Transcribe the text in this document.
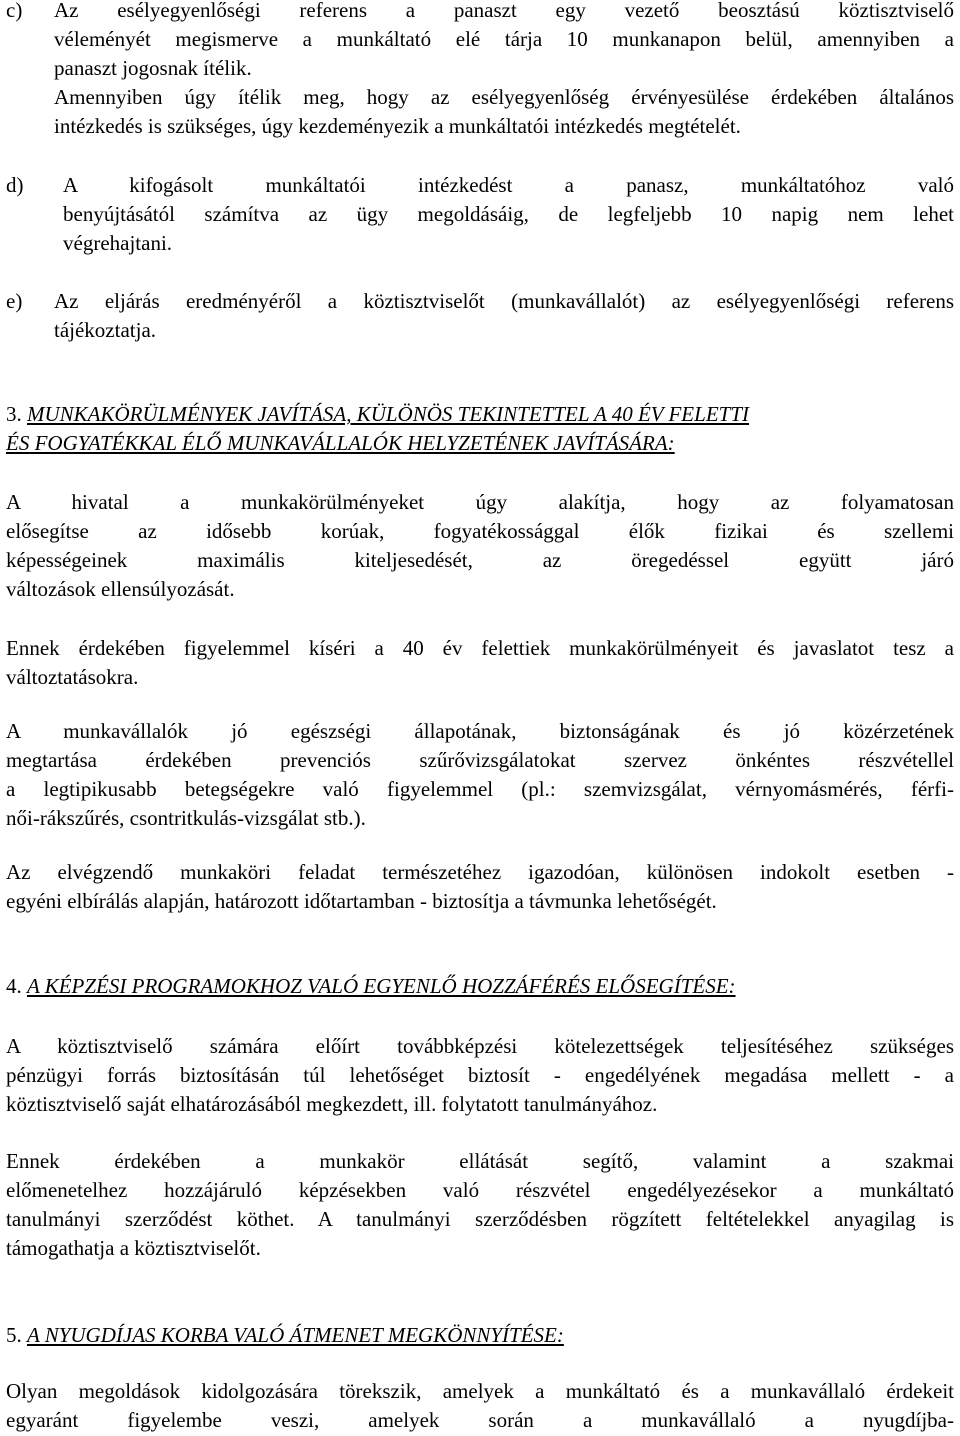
c) Az esélyegyenlőségi referens a panaszt egy vezető beosztású köztisztviselő
véleményét megismerve a munkáltató elé tárja 10 munkanapon belül, amennyiben a
panaszt jogosnak ítélik.
Amennyiben úgy ítélik meg, hogy az esélyegyenlőség érvényesülése érdekében általános
intézkedés is szükséges, úgy kezdeményezik a munkáltatói intézkedés megtételét.
d) A kifogásolt munkáltatói intézkedést a panasz, munkáltatóhoz való
benyújtásától számítva az ügy megoldásáig, de legfeljebb 10 napig nem lehet
végrehajtani.
e) Az eljárás eredményéről a köztisztviselőt (munkavállalót) az esélyegyenlőségi referens
tájékoztatja.
3. MUNKAKÖRÜLMÉNYEK JAVÍTÁSA, KÜLÖNÖS TEKINTETTEL A 40 ÉV FELETTI
ÉS FOGYATÉKKAL ÉLŐ MUNKAVÁLLALÓK HELYZETÉNEK JAVÍTÁSÁRA:
A hivatal a munkakörülményeket úgy alakítja, hogy az folyamatosan
elősegítse az idősebb korúak, fogyatékossággal élők fizikai és szellemi
képességeinek maximális kiteljesedését, az öregedéssel együtt járó
változások ellensúlyozását.
Ennek érdekében figyelemmel kíséri a 40 év felettiek munkakörülményeit és javaslatot tesz a
változtatásokra.
A munkavállalók jó egészségi állapotának, biztonságának és jó közérzetének
megtartása érdekében prevenciós szűrővizsgálatokat szervez önkéntes részvétellel
a legtipikusabb betegségekre való figyelemmel (pl.: szemvizsgálat, vérnyomásmérés, férfi-
női-rákszűrés, csontritkulás-vizsgálat stb.).
Az elvégzendő munkaköri feladat természetéhez igazodóan, különösen indokolt esetben -
egyéni elbírálás alapján, határozott időtartamban - biztosítja a távmunka lehetőségét.
4. A KÉPZÉSI PROGRAMOKHOZ VALÓ EGYENLŐ HOZZÁFÉRÉS ELŐSEGÍTÉSE:
A köztisztviselő számára előírt továbbképzési kötelezettségek teljesítéséhez szükséges
pénzügyi forrás biztosításán túl lehetőséget biztosít - engedélyének megadása mellett - a
köztisztviselő saját elhatározásából megkezdett, ill. folytatott tanulmányához.
Ennek érdekében a munkakör ellátását segítő, valamint a szakmai
előmenetelhez hozzájáruló képzésekben való részvétel engedélyezésekor a munkáltató
tanulmányi szerződést köthet. A tanulmányi szerződésben rögzített feltételekkel anyagilag is
támogathatja a köztisztviselőt.
5. A NYUGDÍJAS KORBA VALÓ ÁTMENET MEGKÖNNYÍTÉSE:
Olyan megoldások kidolgozására törekszik, amelyek a munkáltató és a munkavállaló érdekeit
egyaránt figyelembe veszi, amelyek során a munkavállaló a nyugdíjba-
